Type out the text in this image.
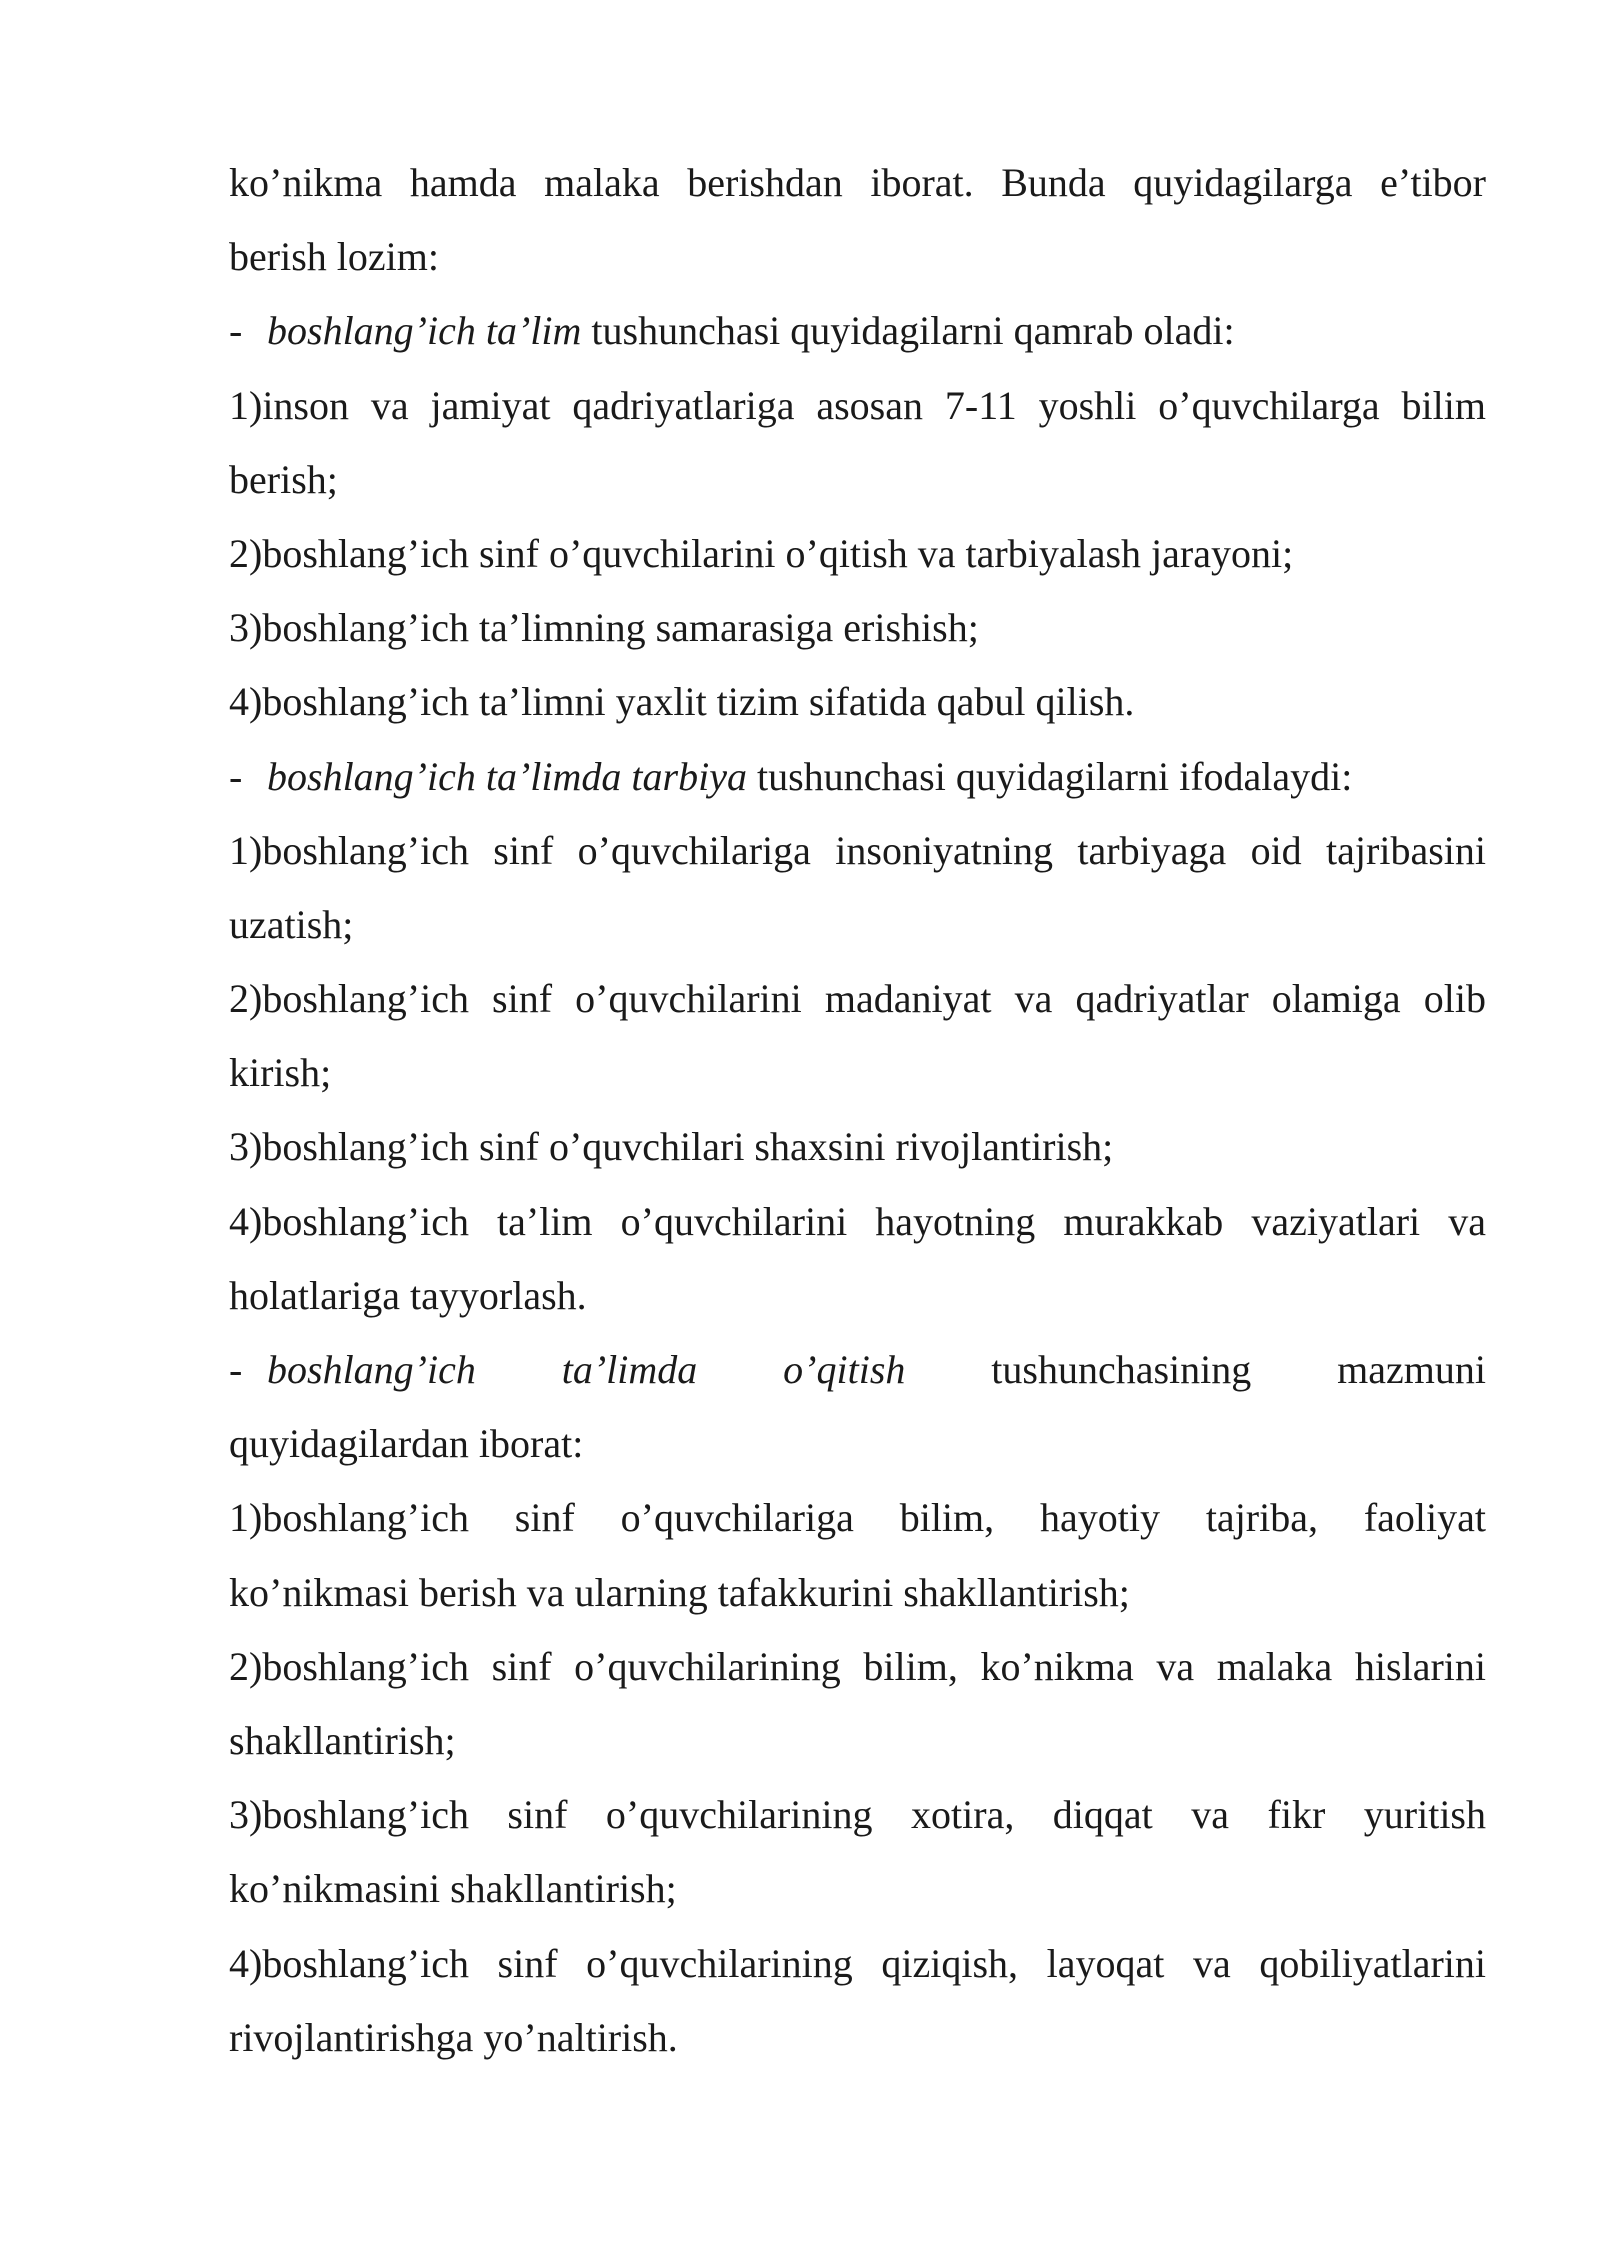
ko’nikma hamda malaka berishdan iborat. Bunda quyidagilarga e’tibor
berish lozim:
- boshlang’ich ta’lim tushunchasi quyidagilarni qamrab oladi:
1)inson va jamiyat qadriyatlariga asosan 7-11 yoshli o’quvchilarga bilim
berish;
2)boshlang’ich sinf o’quvchilarini o’qitish va tarbiyalash jarayoni;
3)boshlang’ich ta’limning samarasiga erishish;
4)boshlang’ich ta’limni yaxlit tizim sifatida qabul qilish.
- boshlang’ich ta’limda tarbiya tushunchasi quyidagilarni ifodalaydi:
1)boshlang’ich sinf o’quvchilariga insoniyatning tarbiyaga oid tajribasini
uzatish;
2)boshlang’ich sinf o’quvchilarini madaniyat va qadriyatlar olamiga olib
kirish;
3)boshlang’ich sinf o’quvchilari shaxsini rivojlantirish;
4)boshlang’ich ta’lim o’quvchilarini hayotning murakkab vaziyatlari va
holatlariga tayyorlash.
- boshlang’ich ta’limda o’qitish tushunchasining mazmuni
quyidagilardan iborat:
1)boshlang’ich sinf o’quvchilariga bilim, hayotiy tajriba, faoliyat
ko’nikmasi berish va ularning tafakkurini shakllantirish;
2)boshlang’ich sinf o’quvchilarining bilim, ko’nikma va malaka hislarini
shakllantirish;
3)boshlang’ich sinf o’quvchilarining xotira, diqqat va fikr yuritish
ko’nikmasini shakllantirish;
4)boshlang’ich sinf o’quvchilarining qiziqish, layoqat va qobiliyatlarini
rivojlantirishga yo’naltirish.
